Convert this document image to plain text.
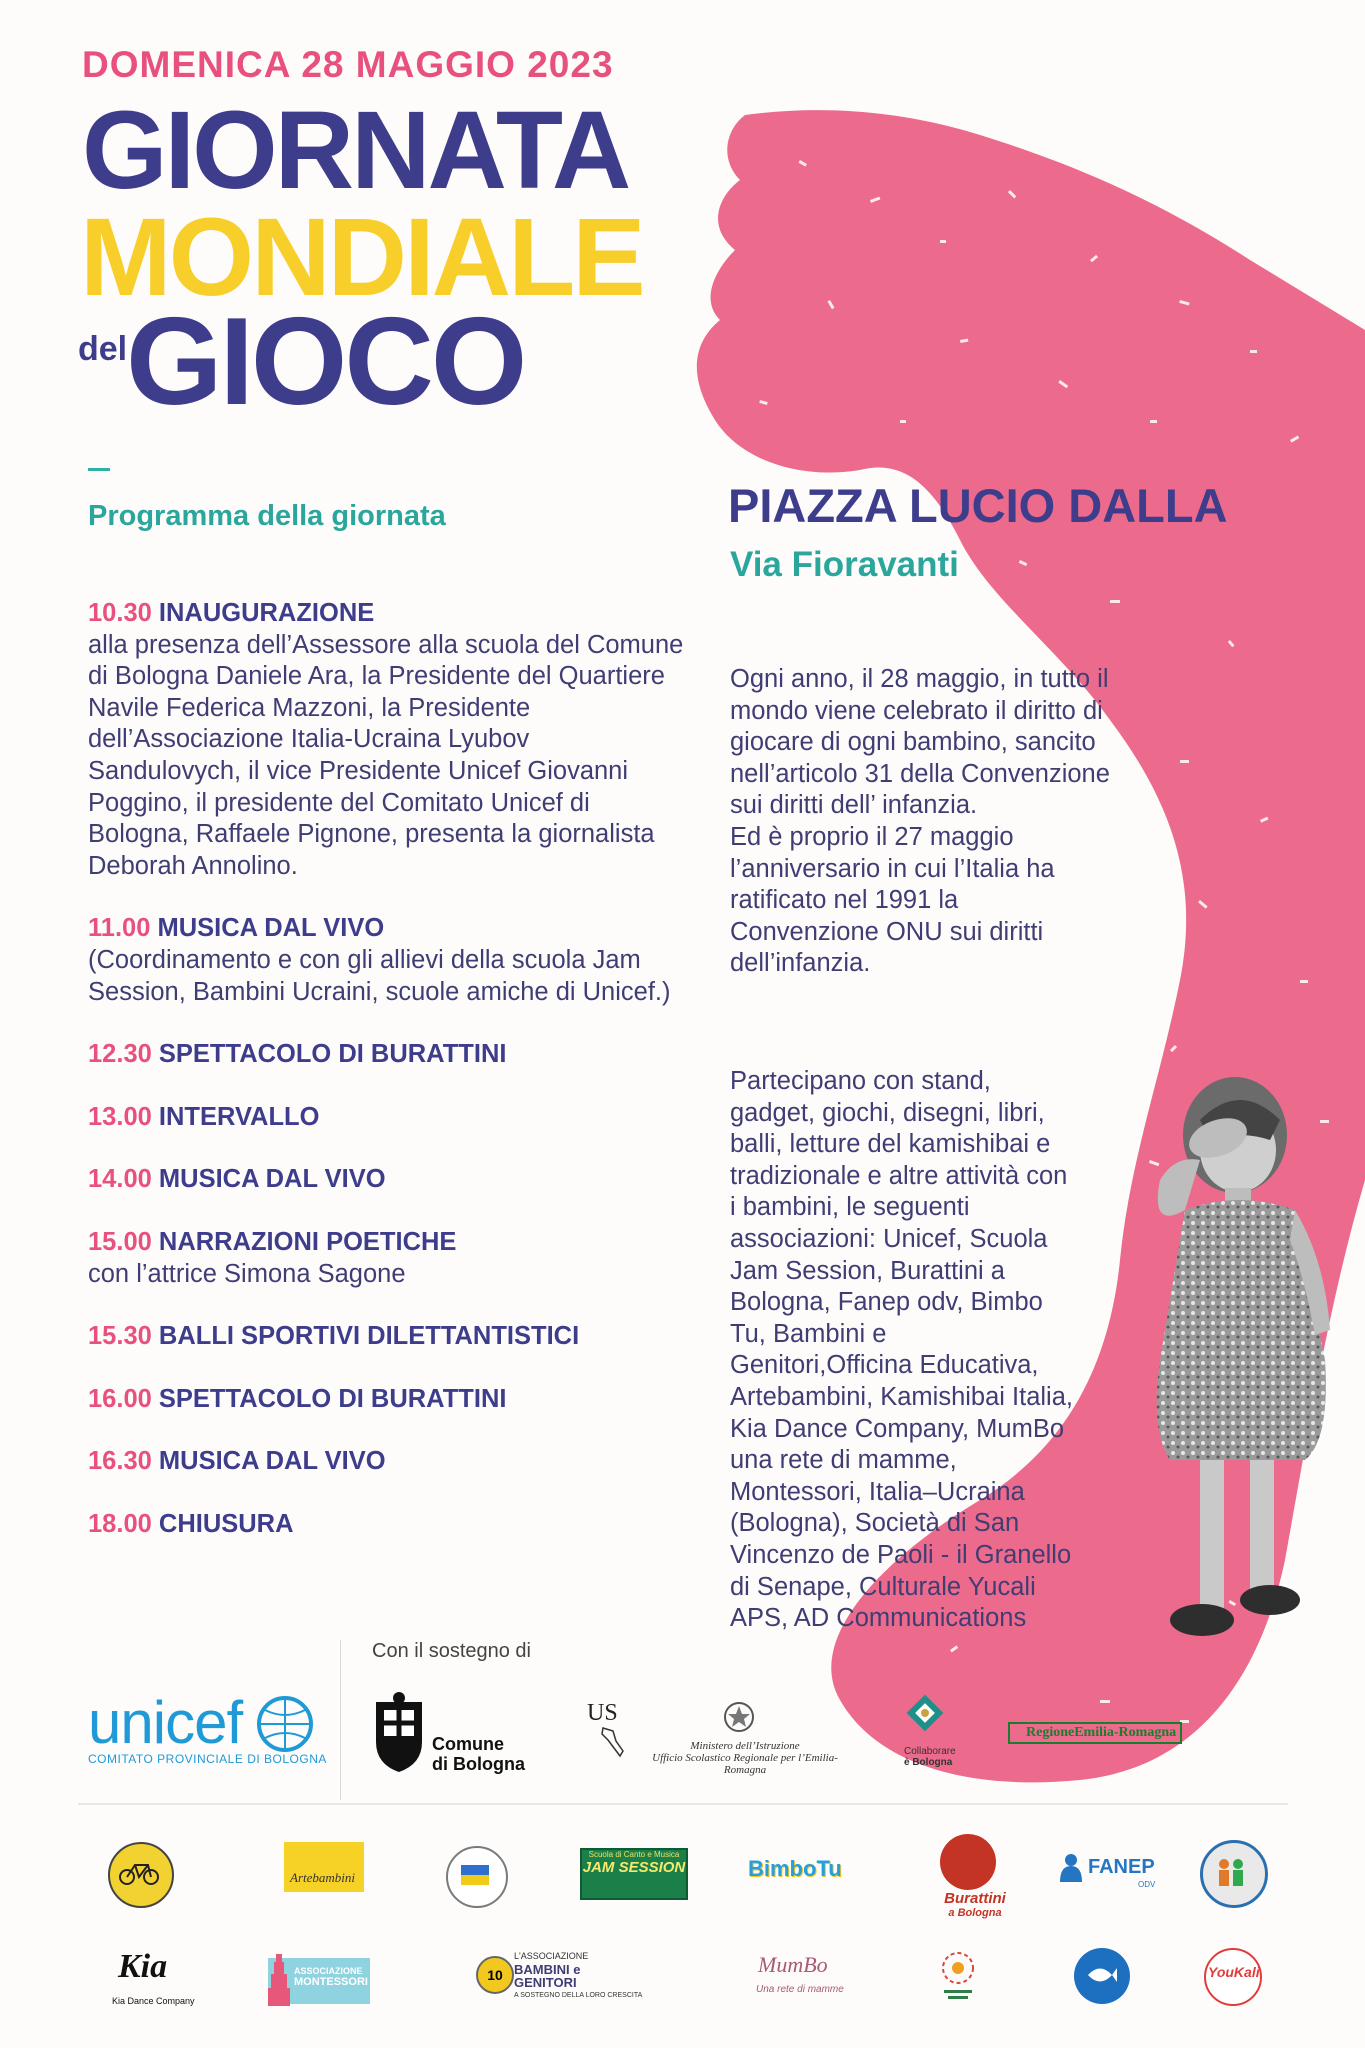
DOMENICA 28 MAGGIO 2023
GIORNATA
MONDIALE
del
GIOCO
Programma della giornata
10.30 INAUGURAZIONE
alla presenza dell’Assessore alla scuola del Comune di Bologna Daniele Ara, la Presidente del Quartiere Navile Federica Mazzoni, la Presidente dell’Associazione Italia-Ucraina Lyubov Sandulovych, il vice Presidente Unicef Giovanni Poggino, il presidente del Comitato Unicef di Bologna, Raffaele Pignone, presenta la giornalista Deborah Annolino.
11.00 MUSICA DAL VIVO
(Coordinamento e con gli allievi della scuola Jam Session, Bambini Ucraini, scuole amiche di Unicef.)
12.30 SPETTACOLO DI BURATTINI
13.00 INTERVALLO
14.00 MUSICA DAL VIVO
15.00 NARRAZIONI POETICHE
con l’attrice Simona Sagone
15.30 BALLI SPORTIVI DILETTANTISTICI
16.00 SPETTACOLO DI BURATTINI
16.30 MUSICA DAL VIVO
18.00 CHIUSURA
PIAZZA LUCIO DALLA
Via Fioravanti
Ogni anno, il 28 maggio, in tutto il mondo viene celebrato il diritto di giocare di ogni bambino, sancito nell’articolo 31 della Convenzione sui diritti dell’ infanzia.
Ed è proprio il 27 maggio l’anniversario in cui l’Italia ha ratificato nel 1991 la Convenzione ONU sui diritti dell’infanzia.
Partecipano con stand, gadget, giochi, disegni, libri, balli, letture del kamishibai e tradizionale e altre attività con i bambini, le seguenti associazioni: Unicef, Scuola Jam Session, Burattini a Bologna, Fanep odv, Bimbo Tu, Bambini e Genitori,Officina Educativa, Artebambini, Kamishibai Italia, Kia Dance Company, MumBo una rete di mamme, Montessori, Italia–Ucraina (Bologna), Società di San Vincenzo de Paoli - il Granello di Senape, Culturale Yucali APS, AD Communications
Con il sostegno di
unicef
COMITATO PROVINCIALE DI BOLOGNA
Comune
di Bologna
US
Ministero dell’Istruzione
Ufficio Scolastico Regionale per l’Emilia-Romagna
Collaborare
è Bologna
RegioneEmilia-Romagna
Artebambini
Scuola di Canto e Musica
JAM SESSION	BimboTu
Burattini
a Bologna
FANEP
ODV
Kia
Kia Dance Company
ASSOCIAZIONE
MONTESSORI	10
L'ASSOCIAZIONE
BAMBINI e GENITORI
A SOSTEGNO DELLA LORO CRESCITA
MumBo
Una rete di mamme
YouKali
